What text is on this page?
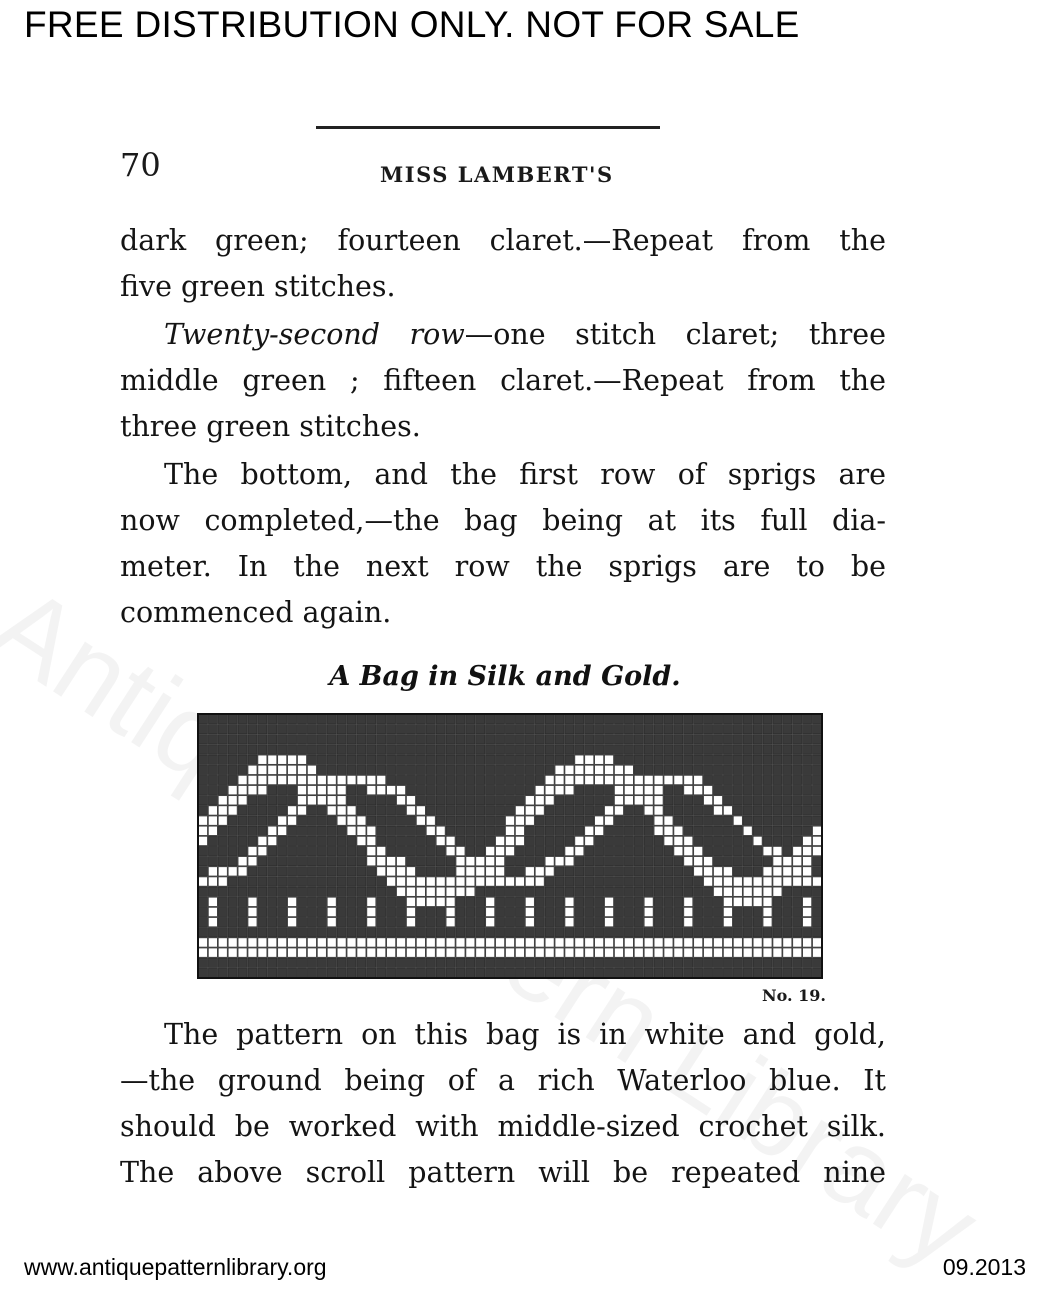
FREE DISTRIBUTION ONLY. NOT FOR SALE
70	MISS LAMBERT'S
dark green; fourteen claret.—Repeat from the
five green stitches.
Twenty-second row—one stitch claret; three
middle green ; fifteen claret.—Repeat from the
three green stitches.
The bottom, and the first row of sprigs are
now completed,—the bag being at its full dia-
meter. In the next row the sprigs are to be
commenced again.
A Bag in Silk and Gold.
No. 19.
The pattern on this bag is in white and gold,
—the ground being of a rich Waterloo blue. It
should be worked with middle-sized crochet silk.
The above scroll pattern will be repeated nine
www.antiquepatternlibrary.org	09.2013
